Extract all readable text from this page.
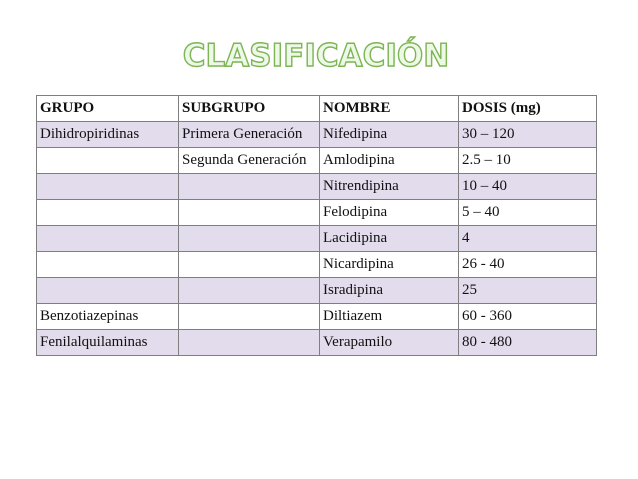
CLASIFICACIÓN
GRUPO	SUBGRUPO	NOMBRE	DOSIS (mg)
Dihidropiridinas	Primera Generación	Nifedipina	30 – 120
	Segunda Generación	Amlodipina	2.5 – 10
		Nitrendipina	10 – 40
		Felodipina	5 – 40
		Lacidipina	4
		Nicardipina	26 - 40
		Isradipina	25
Benzotiazepinas		Diltiazem	60 - 360
Fenilalquilaminas		Verapamilo	80 - 480
